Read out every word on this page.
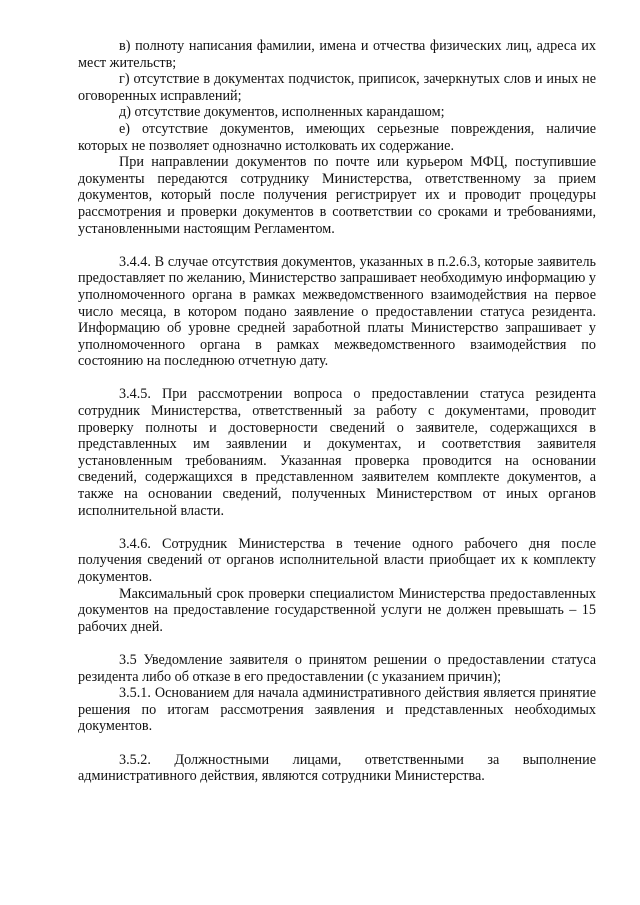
в) полноту написания фамилии, имена и отчества физических лиц, адреса их мест жительств;

г) отсутствие в документах подчисток, приписок, зачеркнутых слов и иных не оговоренных исправлений;

д) отсутствие документов, исполненных карандашом;

е) отсутствие документов, имеющих серьезные повреждения, наличие которых не позволяет однозначно истолковать их содержание.

При направлении документов по почте или курьером МФЦ, поступившие документы передаются сотруднику Министерства, ответственному за прием документов, который после получения регистрирует их и проводит процедуры рассмотрения и проверки документов в соответствии со сроками и требованиями, установленными настоящим Регламентом.

3.4.4. В случае отсутствия документов, указанных в п.2.6.3, которые заявитель предоставляет по желанию, Министерство запрашивает необходимую информацию у уполномоченного органа в рамках межведомственного взаимодействия на первое число месяца, в котором подано заявление о предоставлении статуса резидента. Информацию об уровне средней заработной платы Министерство запрашивает у уполномоченного органа в рамках межведомственного взаимодействия по состоянию на последнюю отчетную дату.

3.4.5. При рассмотрении вопроса о предоставлении статуса резидента сотрудник Министерства, ответственный за работу с документами, проводит проверку полноты и достоверности сведений о заявителе, содержащихся в представленных им заявлении и документах, и соответствия заявителя установленным требованиям. Указанная проверка проводится на основании сведений, содержащихся в представленном заявителем комплекте документов, а также на основании сведений, полученных Министерством от иных органов исполнительной власти.

3.4.6. Сотрудник Министерства в течение одного рабочего дня после получения сведений от органов исполнительной власти приобщает их к комплекту документов.

Максимальный срок проверки специалистом Министерства предоставленных документов на предоставление государственной услуги не должен превышать – 15 рабочих дней.

3.5 Уведомление заявителя о принятом решении о предоставлении статуса резидента либо об отказе в его предоставлении (с указанием причин);

3.5.1. Основанием для начала административного действия является принятие решения по итогам рассмотрения заявления и представленных необходимых документов.

3.5.2. Должностными лицами, ответственными за выполнение административного действия, являются сотрудники Министерства.
